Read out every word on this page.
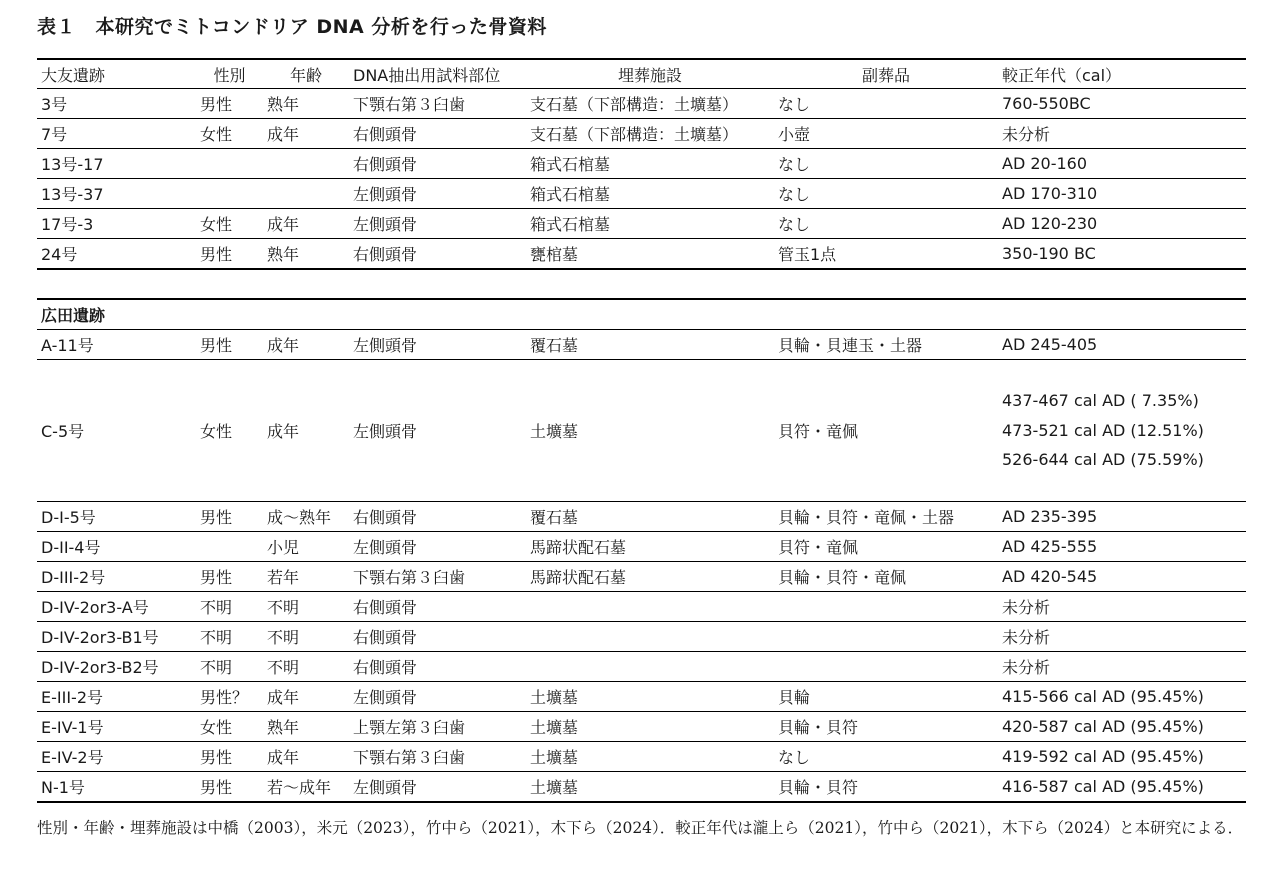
表１　本研究でミトコンドリア DNA 分析を行った骨資料
大友遺跡	性別	年齢	DNA抽出用試料部位	埋葬施設	副葬品	較正年代（cal）
3号	男性	熟年	下顎右第３臼歯	支石墓（下部構造：土壙墓）	なし	760-550BC
7号	女性	成年	右側頭骨	支石墓（下部構造：土壙墓）	小壺	未分析
13号-17			右側頭骨	箱式石棺墓	なし	AD 20-160
13号-37			左側頭骨	箱式石棺墓	なし	AD 170-310
17号-3	女性	成年	左側頭骨	箱式石棺墓	なし	AD 120-230
24号	男性	熟年	右側頭骨	甕棺墓	管玉1点	350-190 BC

広田遺跡						
A-11号	男性	成年	左側頭骨	覆石墓	貝輪・貝連玉・土器	AD 245-405
C-5号	女性	成年	左側頭骨	土壙墓	貝符・竜佩	437-467 cal AD ( 7.35%)
473-521 cal AD (12.51%)
526-644 cal AD (75.59%)

D-I-5号	男性	成～熟年	右側頭骨	覆石墓	貝輪・貝符・竜佩・土器	AD 235-395
D-II-4号		小児	左側頭骨	馬蹄状配石墓	貝符・竜佩	AD 425-555
D-III-2号	男性	若年	下顎右第３臼歯	馬蹄状配石墓	貝輪・貝符・竜佩	AD 420-545
D-IV-2or3-A号	不明	不明	右側頭骨			未分析
D-IV-2or3-B1号	不明	不明	右側頭骨			未分析
D-IV-2or3-B2号	不明	不明	右側頭骨			未分析
E-III-2号	男性？	成年	左側頭骨	土壙墓	貝輪	415-566 cal AD (95.45%)
E-IV-1号	女性	熟年	上顎左第３臼歯	土壙墓	貝輪・貝符	420-587 cal AD (95.45%)
E-IV-2号	男性	成年	下顎右第３臼歯	土壙墓	なし	419-592 cal AD (95.45%)
N-1号	男性	若～成年	左側頭骨	土壙墓	貝輪・貝符	416-587 cal AD (95.45%)
性別・年齢・埋葬施設は中橋（2003），米元（2023），竹中ら（2021），木下ら（2024）．較正年代は瀧上ら（2021），竹中ら（2021），木下ら（2024）と本研究による．
